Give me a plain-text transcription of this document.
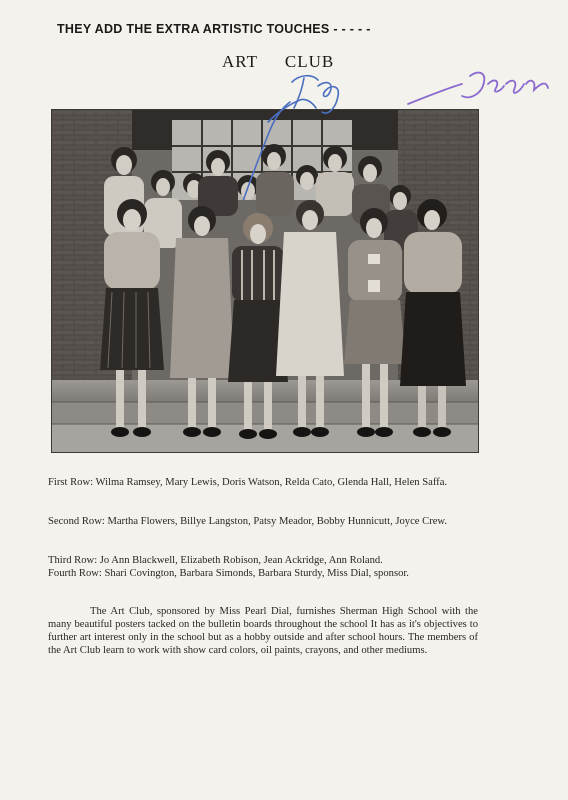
THEY ADD THE EXTRA ARTISTIC TOUCHES - - - - -
ART CLUB
First Row: Wilma Ramsey, Mary Lewis, Doris Watson, Relda Cato, Glenda Hall, Helen Saffa.
Second Row: Martha Flowers, Billye Langston, Patsy Meador, Bobby Hunnicutt, Joyce Crew.
Third Row: Jo Ann Blackwell, Elizabeth Robison, Jean Ackridge, Ann Roland.
Fourth Row: Shari Covington, Barbara Simonds, Barbara Sturdy, Miss Dial, sponsor.
The Art Club, sponsored by Miss Pearl Dial, furnishes Sherman High School with the many beautiful posters tacked on the bulletin boards throughout the school It has as it's objectives to further art interest only in the school but as a hobby outside and after school hours. The members of the Art Club learn to work with show card colors, oil paints, crayons, and other mediums.
